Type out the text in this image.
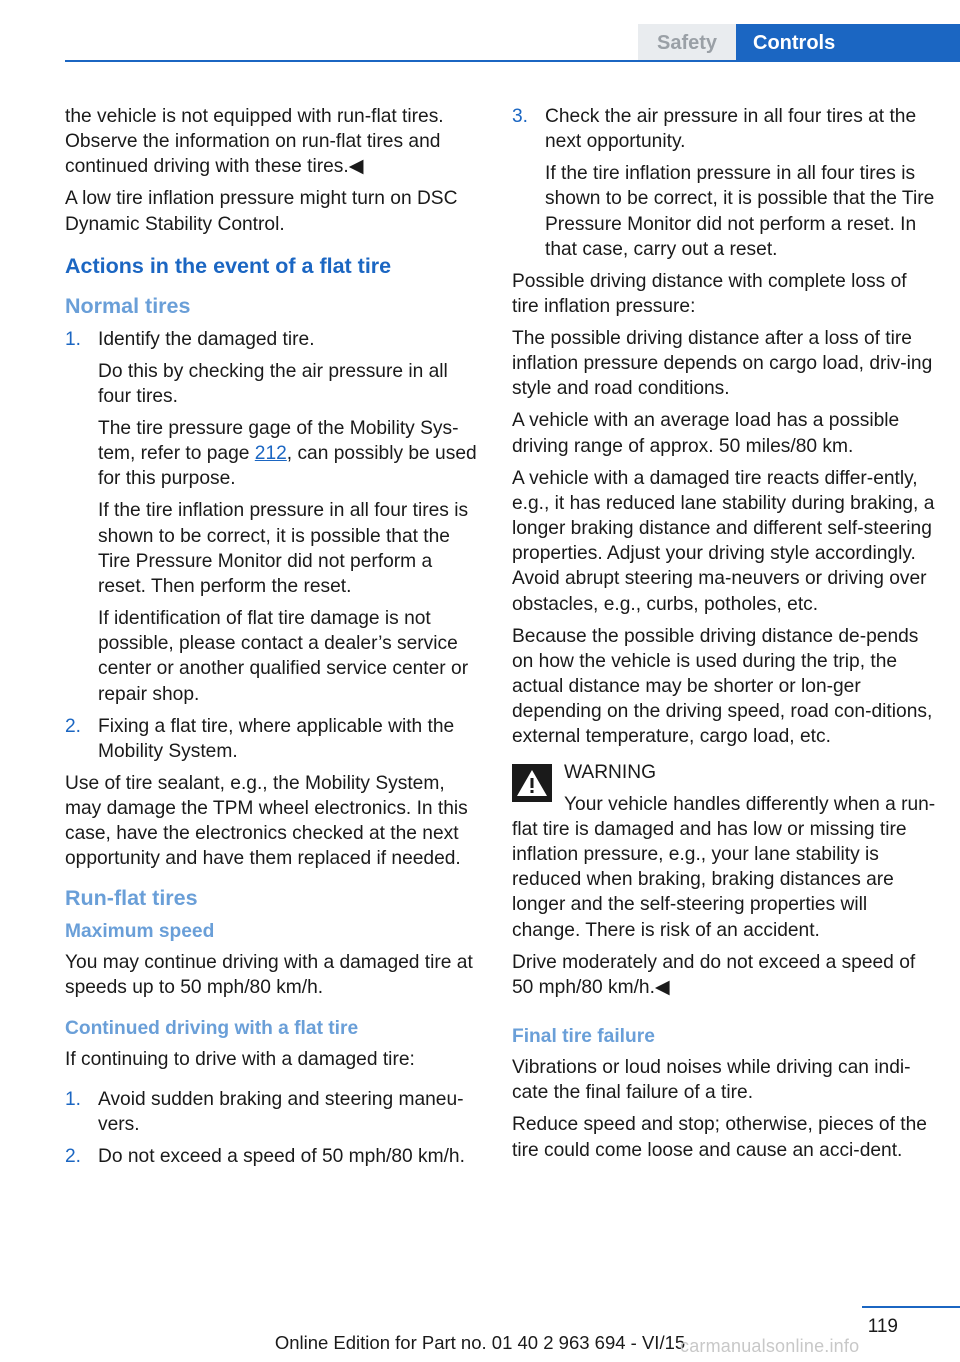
Safety	Controls

the vehicle is not equipped with run-flat tires. Observe the information on run-flat tires and continued driving with these tires.◀

A low tire inflation pressure might turn on DSC Dynamic Stability Control.

Actions in the event of a flat tire
Normal tires
1. Identify the damaged tire.
Do this by checking the air pressure in all four tires.
The tire pressure gage of the Mobility Sys‐tem, refer to page 212, can possibly be used for this purpose.
If the tire inflation pressure in all four tires is shown to be correct, it is possible that the Tire Pressure Monitor did not perform a reset. Then perform the reset.
If identification of flat tire damage is not possible, please contact a dealer’s service center or another qualified service center or repair shop.
2. Fixing a flat tire, where applicable with the Mobility System.

Use of tire sealant, e.g., the Mobility System, may damage the TPM wheel electronics. In this case, have the electronics checked at the next opportunity and have them replaced if needed.

Run-flat tires
Maximum speed

You may continue driving with a damaged tire at speeds up to 50 mph/80 km/h.

Continued driving with a flat tire

If continuing to drive with a damaged tire:

1. Avoid sudden braking and steering maneu‐vers.
2. Do not exceed a speed of 50 mph/80 km/h.
3. Check the air pressure in all four tires at the next opportunity.
If the tire inflation pressure in all four tires is shown to be correct, it is possible that the Tire Pressure Monitor did not perform a reset. In that case, carry out a reset.

Possible driving distance with complete loss of tire inflation pressure:

The possible driving distance after a loss of tire inflation pressure depends on cargo load, driv‐ing style and road conditions.

A vehicle with an average load has a possible driving range of approx. 50 miles/80 km.

A vehicle with a damaged tire reacts differ‐ently, e.g., it has reduced lane stability during braking, a longer braking distance and different self-steering properties. Adjust your driving style accordingly. Avoid abrupt steering ma‐neuvers or driving over obstacles, e.g., curbs, potholes, etc.

Because the possible driving distance de‐pends on how the vehicle is used during the trip, the actual distance may be shorter or lon‐ger depending on the driving speed, road con‐ditions, external temperature, cargo load, etc.

WARNING

Your vehicle handles differently when a run-flat tire is damaged and has low or missing tire inflation pressure, e.g., your lane stability is reduced when braking, braking distances are longer and the self-steering properties will change. There is risk of an accident.

Drive moderately and do not exceed a speed of 50 mph/80 km/h.◀

Final tire failure

Vibrations or loud noises while driving can indi‐cate the final failure of a tire.

Reduce speed and stop; otherwise, pieces of the tire could come loose and cause an acci‐dent.

119
Online Edition for Part no. 01 40 2 963 694 - VI/15
carmanualsonline.info
